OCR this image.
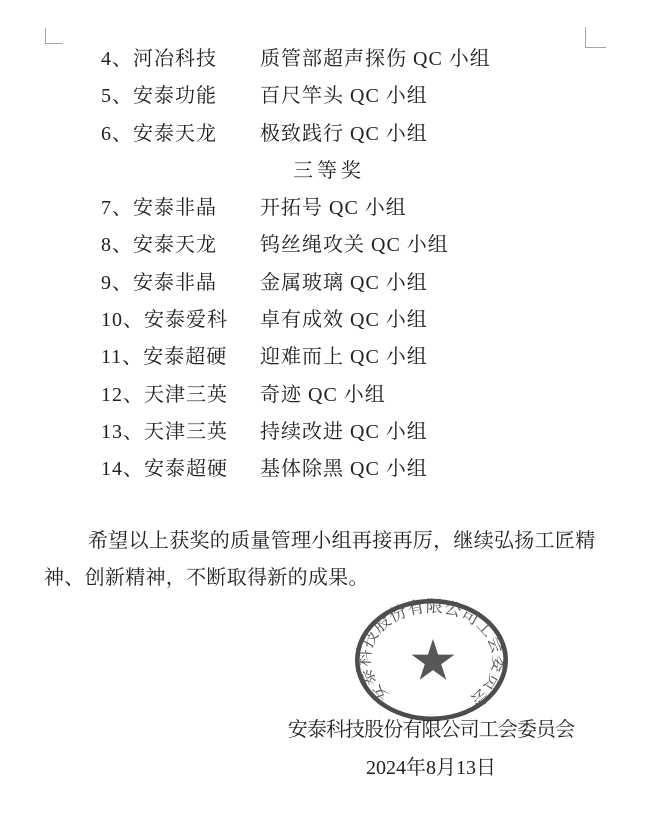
4、河冶科技 质管部超声探伤 QC 小组
5、安泰功能 百尺竿头 QC 小组
6、安泰天龙 极致践行 QC 小组
三等奖
7、安泰非晶 开拓号 QC 小组
8、安泰天龙 钨丝绳攻关 QC 小组
9、安泰非晶 金属玻璃 QC 小组
10、安泰爱科 卓有成效 QC 小组
11、安泰超硬 迎难而上 QC 小组
12、天津三英 奇迹 QC 小组
13、天津三英 持续改进 QC 小组
14、安泰超硬 基体除黑 QC 小组
希望以上获奖的质量管理小组再接再厉，继续弘扬工匠精
神、创新精神，不断取得新的成果。
安泰科技股份有限公司工会委员会
★
安泰科技股份有限公司工会委员会
2024年8月13日
